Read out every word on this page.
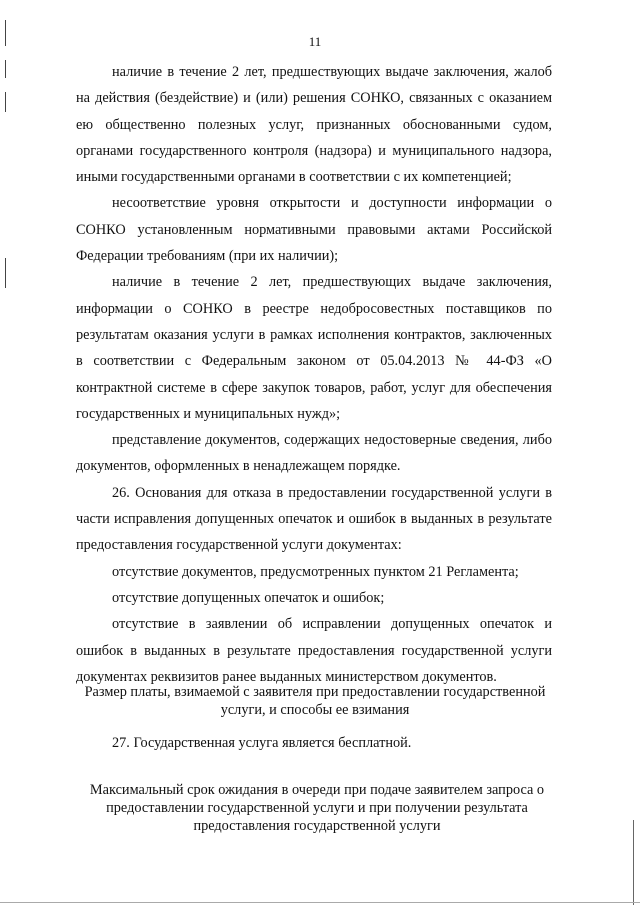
11

наличие в течение 2 лет, предшествующих выдаче заключения, жалоб на действия (бездействие) и (или) решения СОНКО, связанных с оказанием ею общественно полезных услуг, признанных обоснованными судом, органами государственного контроля (надзора) и муниципального надзора, иными государственными органами в соответствии с их компетенцией;

несоответствие уровня открытости и доступности информации о СОНКО установленным нормативными правовыми актами Российской Федерации требованиям (при их наличии);

наличие в течение 2 лет, предшествующих выдаче заключения, информации о СОНКО в реестре недобросовестных поставщиков по результатам оказания услуги в рамках исполнения контрактов, заключенных в соответствии с Федеральным законом от 05.04.2013 № 44-ФЗ «О контрактной системе в сфере закупок товаров, работ, услуг для обеспечения государственных и муниципальных нужд»;

представление документов, содержащих недостоверные сведения, либо документов, оформленных в ненадлежащем порядке.

26. Основания для отказа в предоставлении государственной услуги в части исправления допущенных опечаток и ошибок в выданных в результате предоставления государственной услуги документах:

отсутствие документов, предусмотренных пунктом 21 Регламента;

отсутствие допущенных опечаток и ошибок;

отсутствие в заявлении об исправлении допущенных опечаток и ошибок в выданных в результате предоставления государственной услуги документах реквизитов ранее выданных министерством документов.

Размер платы, взимаемой с заявителя при предоставлении государственной услуги, и способы ее взимания

27. Государственная услуга является бесплатной.

Максимальный срок ожидания в очереди при подаче заявителем запроса о предоставлении государственной услуги и при получении результата предоставления государственной услуги
